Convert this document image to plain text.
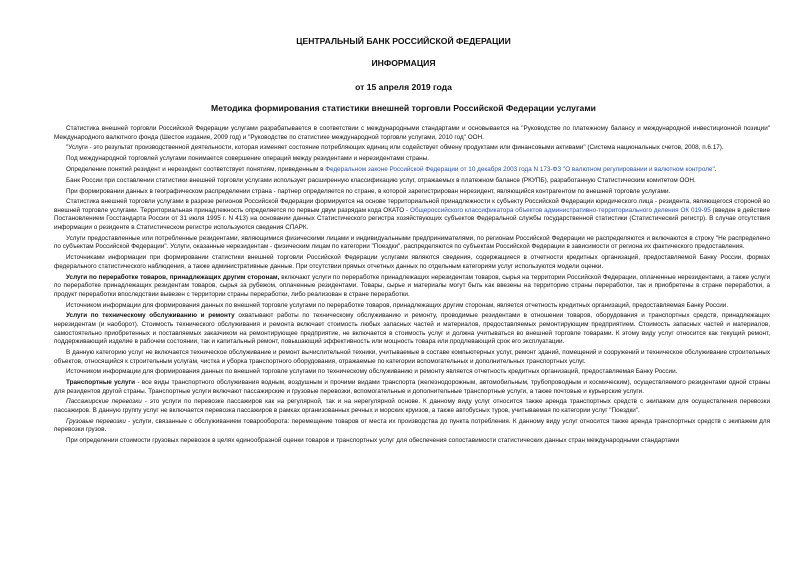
ЦЕНТРАЛЬНЫЙ БАНК РОССИЙСКОЙ ФЕДЕРАЦИИ

ИНФОРМАЦИЯ

от 15 апреля 2019 года

Методика формирования статистики внешней торговли Российской Федерации услугами

Статистика внешней торговли Российской Федерации услугами разрабатывается в соответствии с международными стандартами и основывается на "Руководстве по платежному балансу и международной инвестиционной позиции" Международного валютного фонда (Шестое издание, 2009 год) и "Руководстве по статистике международной торговли услугами, 2010 год" ООН.

"Услуги - это результат производственной деятельности, которая изменяет состояние потребляющих единиц или содействует обмену продуктами или финансовыми активами" (Система национальных счетов, 2008, п.6.17).

Под международной торговлей услугами понимается совершение операций между резидентами и нерезидентами страны.

Определение понятий резидент и нерезидент соответствует понятиям, приведенным в Федеральном законе Российской Федерации от 10 декабря 2003 года N 173-ФЗ "О валютном регулировании и валютном контроле".

Банк России при составлении статистики внешней торговли услугами использует расширенную классификацию услуг, отражаемых в платежном балансе (РКУПБ), разработанную Статистическим комитетом ООН.

При формировании данных в географическом распределении страна - партнер определяется по стране, в которой зарегистрирован нерезидент, являющийся контрагентом по внешней торговле услугами.

Статистика внешней торговли услугами в разрезе регионов Российской Федерации формируется на основе территориальной принадлежности к субъекту Российской Федерации юридического лица - резидента, являющегося стороной во внешней торговле услугами. Территориальная принадлежность определяется по первым двум разрядам кода ОКАТО - Общероссийского классификатора объектов административно-территориального деления ОК 019-95 (введен в действие Постановлением Госстандарта России от 31 июля 1995 г. N 413) на основании данных Статистического регистра хозяйствующих субъектов Федеральной службы государственной статистики (Статистический регистр). В случае отсутствия информации о резиденте в Статистическом регистре используются сведения СПАРК.

Услуги предоставленные или потребленные резидентами, являющимися физическими лицами и индивидуальными предпринимателями, по регионам Российской Федерации не распределяются и включаются в строку "Не распределено по субъектам Российской Федерации". Услуги, оказанные нерезидентам - физическим лицам по категории "Поездки", распределяются по субъектам Российской Федерации в зависимости от региона их фактического предоставления.

Источниками информации при формировании статистики внешней торговли Российской Федерации услугами являются сведения, содержащиеся в отчетности кредитных организаций, предоставляемой Банку России, формах федерального статистического наблюдения, а также административные данные. При отсутствии прямых отчетных данных по отдельным категориям услуг используются модели оценки.

Услуги по переработке товаров, принадлежащих другим сторонам, включают услуги по переработке принадлежащих нерезидентам товаров, сырья на территории Российской Федерации, оплаченные нерезидентами, а также услуги по переработке принадлежащих резидентам товаров, сырья за рубежом, оплаченные резидентами. Товары, сырье и материалы могут быть как ввезены на территорию страны переработки, так и приобретены в стране переработки, а продукт переработки впоследствии вывезен с территории страны переработки, либо реализован в стране переработки.

Источником информации для формирования данных по внешней торговле услугами по переработке товаров, принадлежащих другим сторонам, является отчетность кредитных организаций, предоставляемая Банку России.

Услуги по техническому обслуживанию и ремонту охватывают работы по техническому обслуживанию и ремонту, проводимые резидентами в отношении товаров, оборудования и транспортных средств, принадлежащих нерезидентам (и наоборот). Стоимость технического обслуживания и ремонта включает стоимость любых запасных частей и материалов, предоставляемых ремонтирующим предприятием. Стоимость запасных частей и материалов, самостоятельно приобретенных и поставляемых заказчиком на ремонтирующее предприятие, не включается в стоимость услуг и должна учитываться во внешней торговле товарами. К этому виду услуг относится как текущий ремонт, поддерживающий изделие в рабочем состоянии, так и капитальный ремонт, повышающий эффективность или мощность товара или продлевающий срок его эксплуатации.

В данную категорию услуг не включается техническое обслуживание и ремонт вычислительной техники, учитываемые в составе компьютерных услуг, ремонт зданий, помещений и сооружений и техническое обслуживание строительных объектов, относящийся к строительным услугам, чистка и уборка транспортного оборудования, отражаемые по категории вспомогательных и дополнительных транспортных услуг.

Источником информации для формирования данных по внешней торговле услугами по техническому обслуживанию и ремонту является отчетность кредитных организаций, предоставляемая Банку России.

Транспортные услуги - все виды транспортного обслуживания водным, воздушным и прочими видами транспорта (железнодорожным, автомобильным, трубопроводным и космическим), осуществляемого резидентами одной страны для резидентов другой страны. Транспортные услуги включают пассажирские и грузовые перевозки, вспомогательные и дополнительные транспортные услуги, а также почтовые и курьерские услуги.

Пассажирские перевозки - это услуги по перевозке пассажиров как на регулярной, так и на нерегулярной основе. К данному виду услуг относится также аренда транспортных средств с экипажем для осуществления перевозки пассажиров. В данную группу услуг не включается перевозка пассажиров в рамках организованных речных и морских круизов, а также автобусных туров, учитываемая по категории услуг "Поездки".

Грузовые перевозки - услуги, связанные с обслуживанием товарооборота: перемещение товаров от места их производства до пункта потребления. К данному виду услуг относится также аренда транспортных средств с экипажем для перевозки грузов.

При определении стоимости грузовых перевозок в целях единообразной оценки товаров и транспортных услуг для обеспечения сопоставимости статистических данных стран международными стандартами
